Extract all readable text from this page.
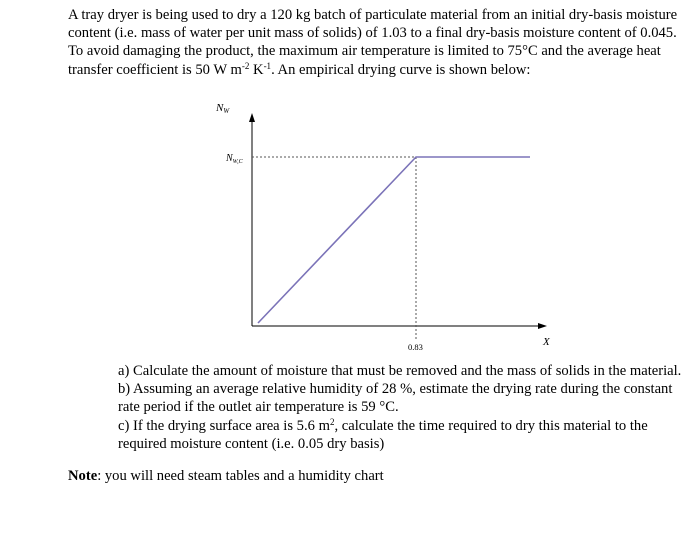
A tray dryer is being used to dry a 120 kg batch of particulate material from an initial dry-basis moisture

content (i.e. mass of water per unit mass of solids) of 1.03 to a final dry-basis moisture content of 0.045.

To avoid damaging the product, the maximum air temperature is limited to 75°C and the average heat

transfer coefficient is 50 W $m^{-2}$ $K^{-1}$. An empirical drying curve is shown below:

NW
$N_{W,C}$
0.83	X

a) Calculate the amount of moisture that must be removed and the mass of solids in the material.

b) Assuming an average relative humidity of 28 %, estimate the drying rate during the constant

rate period if the outlet air temperature is 59 °C.

c) If the drying surface area is 5.6 $m^2$, calculate the time required to dry this material to the

required moisture content (i.e. 0.05 dry basis)

Note: you will need steam tables and a humidity chart
